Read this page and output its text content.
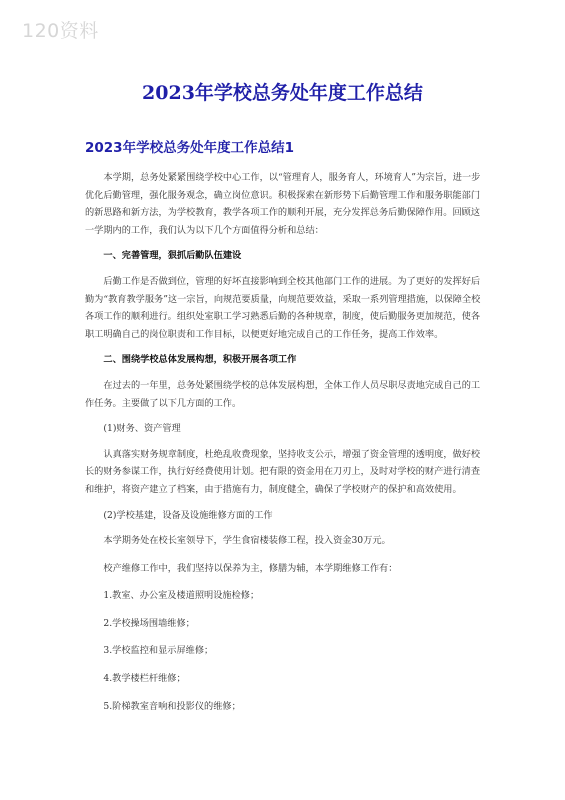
120资料
2023年学校总务处年度工作总结
2023年学校总务处年度工作总结1

本学期，总务处紧紧围绕学校中心工作，以“管理育人，服务育人，环境育人”为宗旨，进一步优化后勤管理，强化服务观念，确立岗位意识。积极探索在新形势下后勤管理工作和服务职能部门的新思路和新方法，为学校教育，教学各项工作的顺利开展，充分发挥总务后勤保障作用。回顾这一学期内的工作，我们认为以下几个方面值得分析和总结：

一、完善管理，狠抓后勤队伍建设

后勤工作是否做到位，管理的好坏直接影响到全校其他部门工作的进展。为了更好的发挥好后勤为“教育教学服务”这一宗旨，向规范要质量，向规范要效益，采取一系列管理措施，以保障全校各项工作的顺利进行。组织处室职工学习熟悉后勤的各种规章，制度，使后勤服务更加规范，使各职工明确自己的岗位职责和工作目标，以便更好地完成自己的工作任务，提高工作效率。

二、围绕学校总体发展构想，积极开展各项工作

在过去的一年里，总务处紧围绕学校的总体发展构想，全体工作人员尽职尽责地完成自己的工作任务。主要做了以下几方面的工作。

(1)财务、资产管理

认真落实财务规章制度，杜绝乱收费现象，坚持收支公示，增强了资金管理的透明度，做好校长的财务参谋工作，执行好经费使用计划。把有限的资金用在刀刃上，及时对学校的财产进行清查和维护，将资产建立了档案，由于措施有力，制度健全，确保了学校财产的保护和高效使用。

(2)学校基建，设备及设施维修方面的工作

本学期务处在校长室领导下，学生食宿楼装修工程，投入资金30万元。

校产维修工作中，我们坚持以保养为主，修膳为辅，本学期维修工作有：

1.教室、办公室及楼道照明设施检修；

2.学校操场围墙维修；

3.学校监控和显示屏维修；

4.教学楼栏杆维修；

5.阶梯教室音响和投影仪的维修；
